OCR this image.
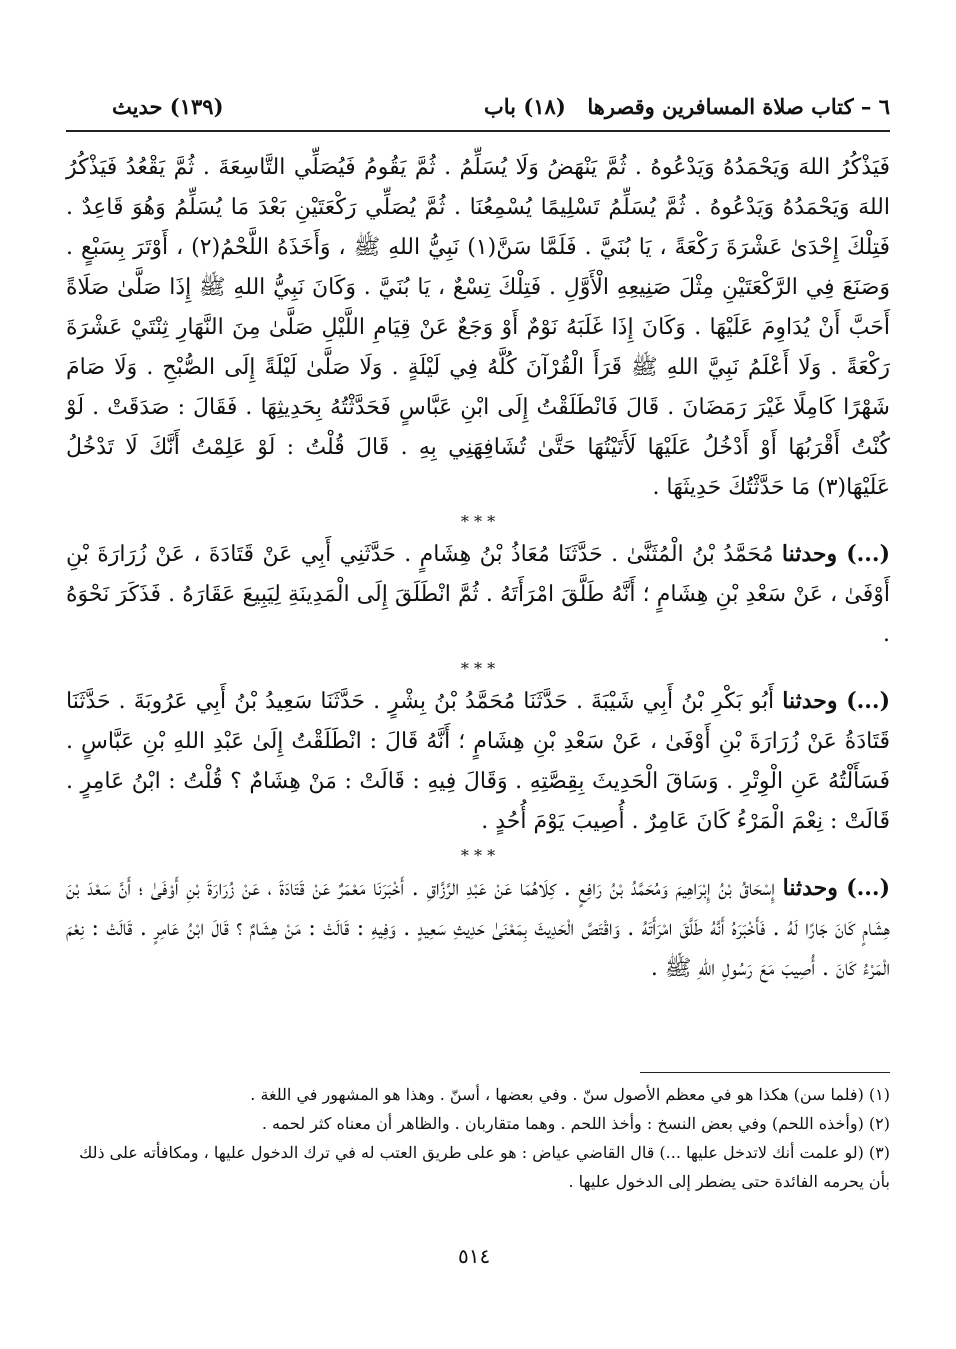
٦ – كتاب صلاة المسافرين وقصرها
(١٨) باب
(١٣٩) حديث

فَيَذْكُرُ اللهَ وَيَحْمَدُهُ وَيَدْعُوهُ . ثُمَّ يَنْهَضُ وَلَا يُسَلِّمُ . ثُمَّ يَقُومُ فَيُصَلِّي التَّاسِعَةَ . ثُمَّ يَقْعُدُ فَيَذْكُرُ اللهَ وَيَحْمَدُهُ وَيَدْعُوهُ . ثُمَّ يُسَلِّمُ تَسْلِيمًا يُسْمِعُنَا . ثُمَّ يُصَلِّي رَكْعَتَيْنِ بَعْدَ مَا يُسَلِّمُ وَهُوَ قَاعِدٌ . فَتِلْكَ إِحْدَىٰ عَشْرَةَ رَكْعَةً ، يَا بُنَيَّ . فَلَمَّا سَنَّ(١) نَبِيُّ اللهِ ﷺ ، وَأَخَذَهُ اللَّحْمُ(٢) ، أَوْتَرَ بِسَبْعٍ . وَصَنَعَ فِي الرَّكْعَتَيْنِ مِثْلَ صَنِيعِهِ الْأَوَّلِ . فَتِلْكَ تِسْعٌ ، يَا بُنَيَّ . وَكَانَ نَبِيُّ اللهِ ﷺ إِذَا صَلَّىٰ صَلَاةً أَحَبَّ أَنْ يُدَاوِمَ عَلَيْهَا . وَكَانَ إِذَا غَلَبَهُ نَوْمٌ أَوْ وَجَعٌ عَنْ قِيَامِ اللَّيْلِ صَلَّىٰ مِنَ النَّهَارِ ثِنْتَيْ عَشْرَةَ رَكْعَةً . وَلَا أَعْلَمُ نَبِيَّ اللهِ ﷺ قَرَأَ الْقُرْآنَ كُلَّهُ فِي لَيْلَةٍ . وَلَا صَلَّىٰ لَيْلَةً إِلَى الصُّبْحِ . وَلَا صَامَ شَهْرًا كَامِلًا غَيْرَ رَمَضَانَ . قَالَ فَانْطَلَقْتُ إِلَى ابْنِ عَبَّاسٍ فَحَدَّثْتُهُ بِحَدِيثِهَا . فَقَالَ : صَدَقَتْ . لَوْ كُنْتُ أَقْرَبُهَا أَوْ أَدْخُلُ عَلَيْهَا لَأَتَيْتُهَا حَتَّىٰ تُشَافِهَنِي بِهِ . قَالَ قُلْتُ : لَوْ عَلِمْتُ أَنَّكَ لَا تَدْخُلُ عَلَيْهَا(٣) مَا حَدَّثْتُكَ حَدِيثَهَا .

* * *

(...) وحدثنا مُحَمَّدُ بْنُ الْمُثَنَّىٰ . حَدَّثَنَا مُعَاذُ بْنُ هِشَامٍ . حَدَّثَنِي أَبِي عَنْ قَتَادَةَ ، عَنْ زُرَارَةَ بْنِ أَوْفَىٰ ، عَنْ سَعْدِ بْنِ هِشَامٍ ؛ أَنَّهُ طَلَّقَ امْرَأَتَهُ . ثُمَّ انْطَلَقَ إِلَى الْمَدِينَةِ لِيَبِيعَ عَقَارَهُ . فَذَكَرَ نَحْوَهُ .

* * *

(...) وحدثنا أَبُو بَكْرِ بْنُ أَبِي شَيْبَةَ . حَدَّثَنَا مُحَمَّدُ بْنُ بِشْرٍ . حَدَّثَنَا سَعِيدُ بْنُ أَبِي عَرُوبَةَ . حَدَّثَنَا قَتَادَةُ عَنْ زُرَارَةَ بْنِ أَوْفَىٰ ، عَنْ سَعْدِ بْنِ هِشَامٍ ؛ أَنَّهُ قَالَ : انْطَلَقْتُ إِلَىٰ عَبْدِ اللهِ بْنِ عَبَّاسٍ . فَسَأَلْتُهُ عَنِ الْوِتْرِ . وَسَاقَ الْحَدِيثَ بِقِصَّتِهِ . وَقَالَ فِيهِ : قَالَتْ : مَنْ هِشَامٌ ؟ قُلْتُ : ابْنُ عَامِرٍ . قَالَتْ : نِعْمَ الْمَرْءُ كَانَ عَامِرٌ . أُصِيبَ يَوْمَ أُحُدٍ .

* * *

(...) وحدثنا إِسْحَاقُ بْنُ إِبْرَاهِيمَ وَمُحَمَّدُ بْنُ رَافِعٍ . كِلَاهُمَا عَنْ عَبْدِ الرَّزَّاقِ . أَخْبَرَنَا مَعْمَرٌ عَنْ قَتَادَةَ ، عَنْ زُرَارَةَ بْنِ أَوْفَىٰ ؛ أَنَّ سَعْدَ بْنَ هِشَامٍ كَانَ جَارًا لَهُ . فَأَخْبَرَهُ أَنَّهُ طَلَّقَ امْرَأَتَهُ . وَاقْتَصَّ الْحَدِيثَ بِمَعْنَىٰ حَدِيثِ سَعِيدٍ . وَفِيهِ : قَالَتْ : مَنْ هِشَامٌ ؟ قَالَ ابْنُ عَامِرٍ . قَالَتْ : نِعْمَ الْمَرْءُ كَانَ . أُصِيبَ مَعَ رَسُولِ اللهِ ﷺ .

(١) (فلما سن) هكذا هو في معظم الأصول سنّ . وفي بعضها ، أسنّ . وهذا هو المشهور في اللغة .

(٢) (وأخذه اللحم) وفي بعض النسخ : وأخذ اللحم . وهما متقاربان . والظاهر أن معناه كثر لحمه .

(٣) (لو علمت أنك لاتدخل عليها ...) قال القاضي عياض : هو على طريق العتب له في ترك الدخول عليها ، ومكافأته على ذلك بأن يحرمه الفائدة حتى يضطر إلى الدخول عليها .

٥١٤
